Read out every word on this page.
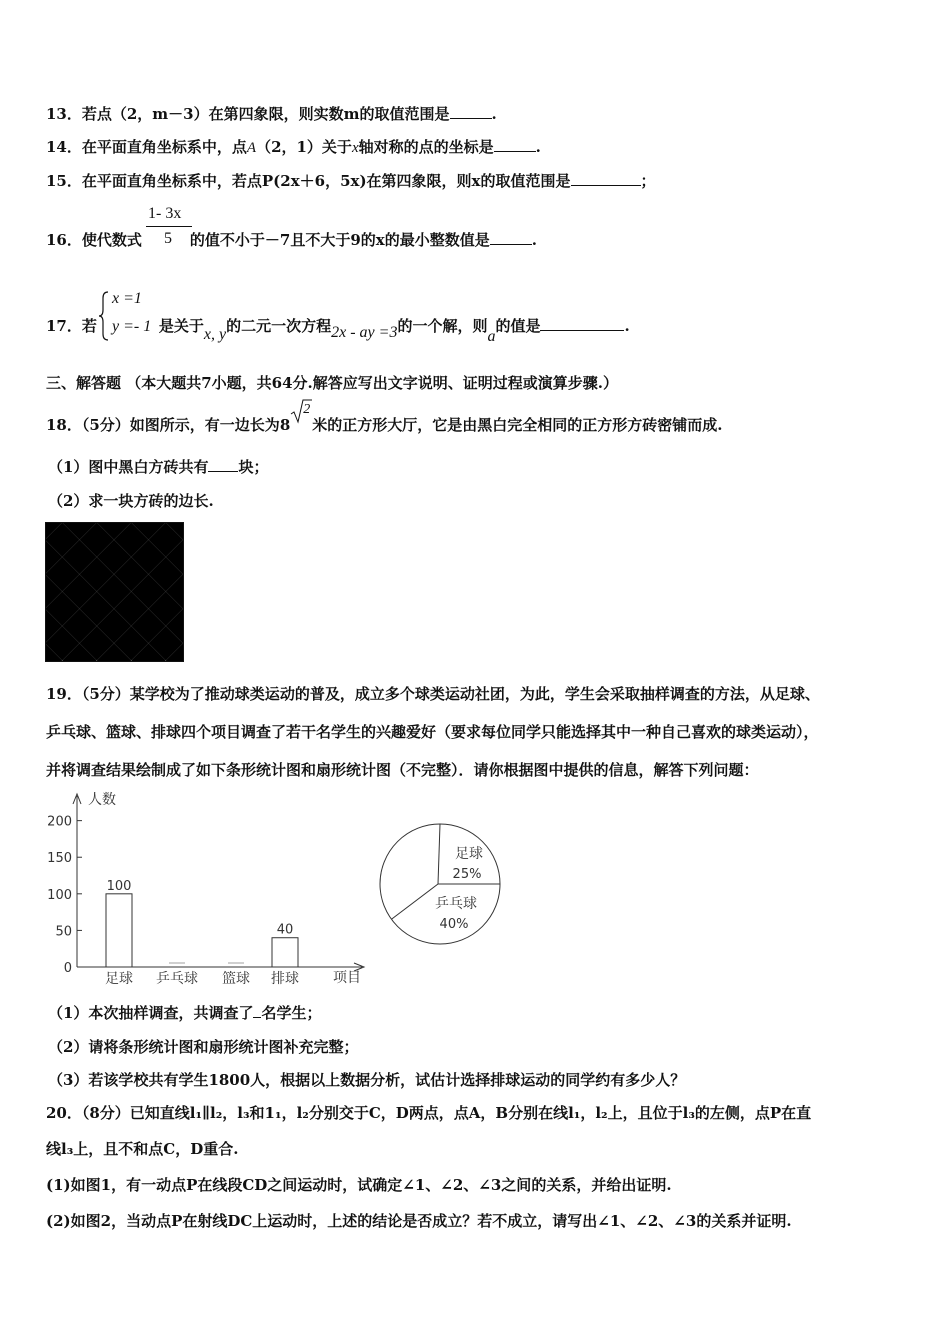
13．若点（2，m－3）在第四象限，则实数m的取值范围是	.
14．在平面直角坐标系中，点A（2，1）关于x轴对称的点的坐标是	.
15．在平面直角坐标系中，若点P(2x＋6，5x)在第四象限，则x的取值范围是	；
16．使代数式	的值不小于－7且不大于9的x的最小整数值是	.
1- 3x
5
17．若	是关于x, y的二元一次方程2x - ay =3的一个解，则a的值是	.
x =1
y =- 1
三、解答题 （本大题共7小题，共64分.解答应写出文字说明、证明过程或演算步骤.）
18．（5分）如图所示，有一边长为8
2
米的正方形大厅，它是由黑白完全相同的正方形方砖密铺而成.
（1）图中黑白方砖共有 块；
（2）求一块方砖的边长.
19．（5分）某学校为了推动球类运动的普及，成立多个球类运动社团，为此，学生会采取抽样调查的方法，从足球、
乒乓球、篮球、排球四个项目调查了若干名学生的兴趣爱好（要求每位同学只能选择其中一种自己喜欢的球类运动），
并将调查结果绘制成了如下条形统计图和扇形统计图（不完整）．请你根据图中提供的信息，解答下列问题：
人数
项目
0
50
100
150
200
100
40
足球 乒乓球 篮球 排球
足球
25%
乒乓球
40%
（1）本次抽样调查，共调查了 名学生；
（2）请将条形统计图和扇形统计图补充完整；
（3）若该学校共有学生1800人，根据以上数据分析，试估计选择排球运动的同学约有多少人？
20．（8分）已知直线l₁∥l₂，l₃和1₁，l₂分别交于C，D两点，点A，B分别在线l₁，l₂上，且位于l₃的左侧，点P在直
线l₃上，且不和点C，D重合.
(1)如图1，有一动点P在线段CD之间运动时，试确定∠1、∠2、∠3之间的关系，并给出证明.
(2)如图2，当动点P在射线DC上运动时，上述的结论是否成立？若不成立，请写出∠1、∠2、∠3的关系并证明.
